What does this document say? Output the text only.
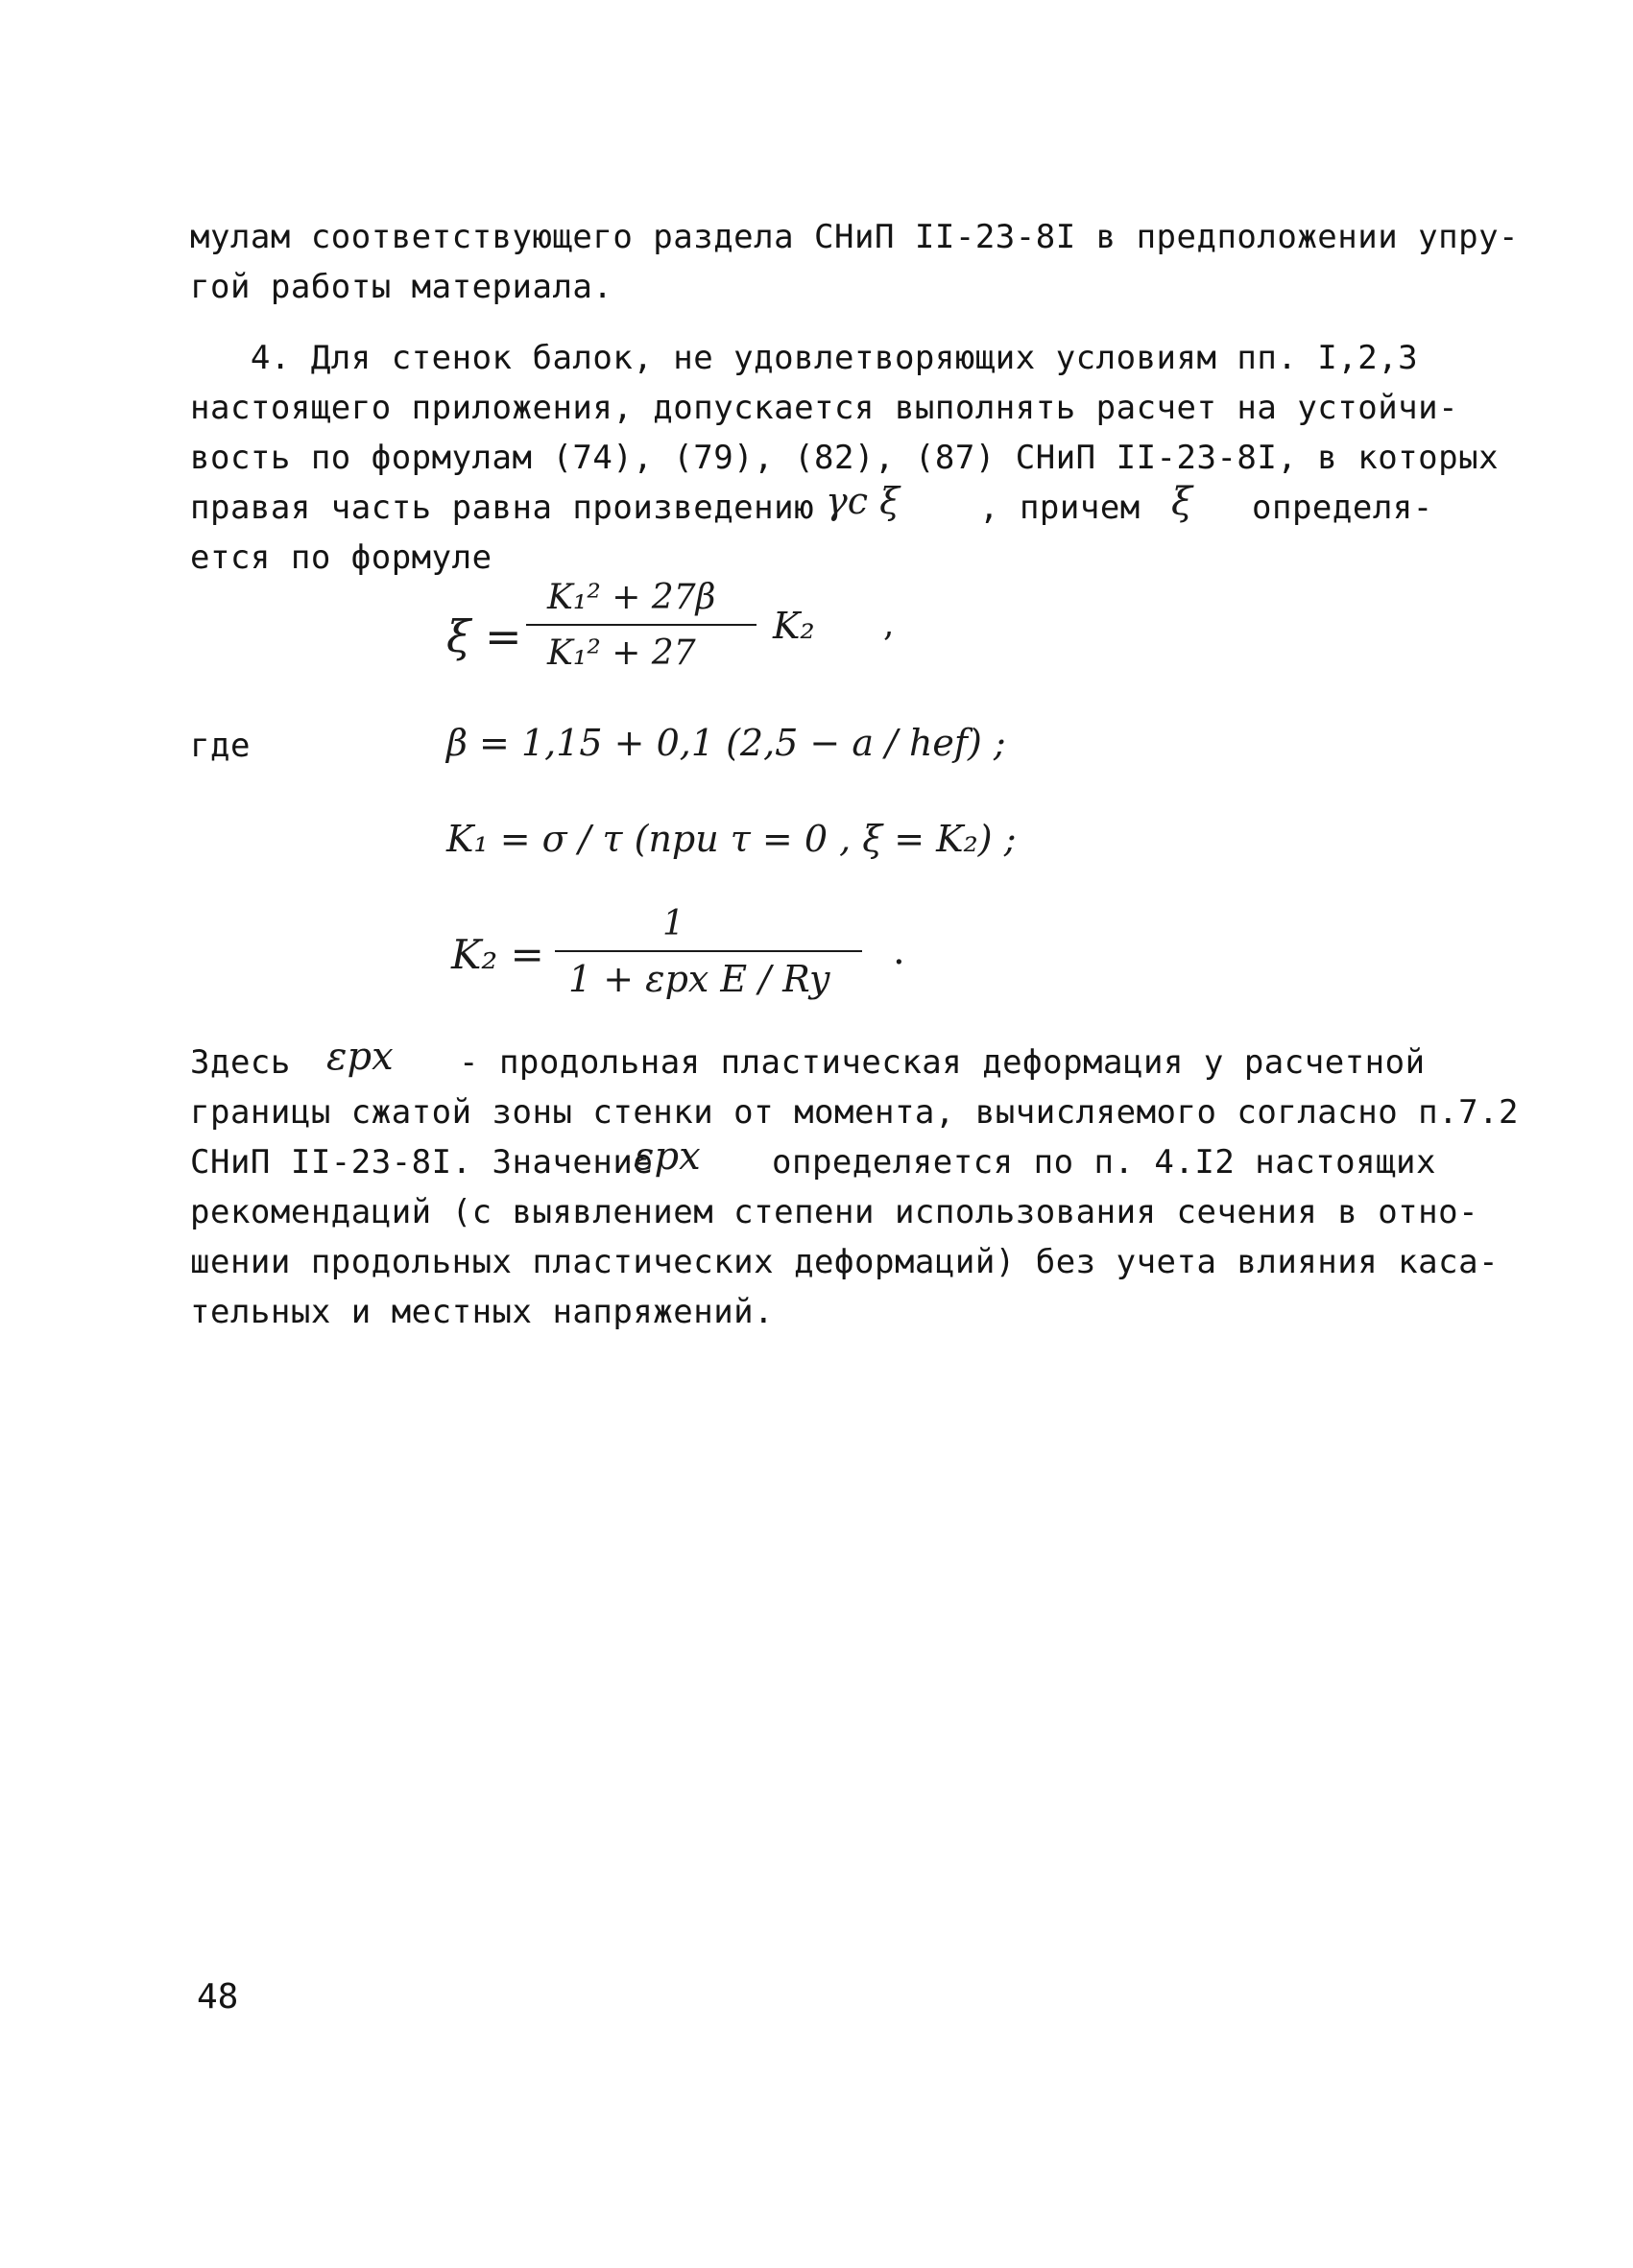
мулам соответствующего раздела СНиП II-23-8I в предположении упру-
гой работы материала.
4. Для стенок балок, не удовлетворяющих условиям пп. I,2,3
настоящего приложения, допускается выполнять расчет на устойчи-
вость по формулам (74), (79), (82), (87) СНиП II-23-8I, в которых
правая часть равна произведению γc ξ , причем ξ определя-
ется по формуле
ξ =
K₁² + 27β
K₁² + 27
K₂ ,
где	β = 1,15 + 0,1 (2,5 − a / hef) ;
K₁ = σ / τ (при τ = 0 , ξ = K₂) ;
K₂ =
1
1 + εpx E / Ry
.
Здесь εpx - продольная пластическая деформация у расчетной
границы сжатой зоны стенки от момента, вычисляемого согласно п.7.2
СНиП II-23-8I. Значение
εpx определяется по п. 4.I2 настоящих
рекомендаций (с выявлением степени использования сечения в отно-
шении продольных пластических деформаций) без учета влияния каса-
тельных и местных напряжений.
48
